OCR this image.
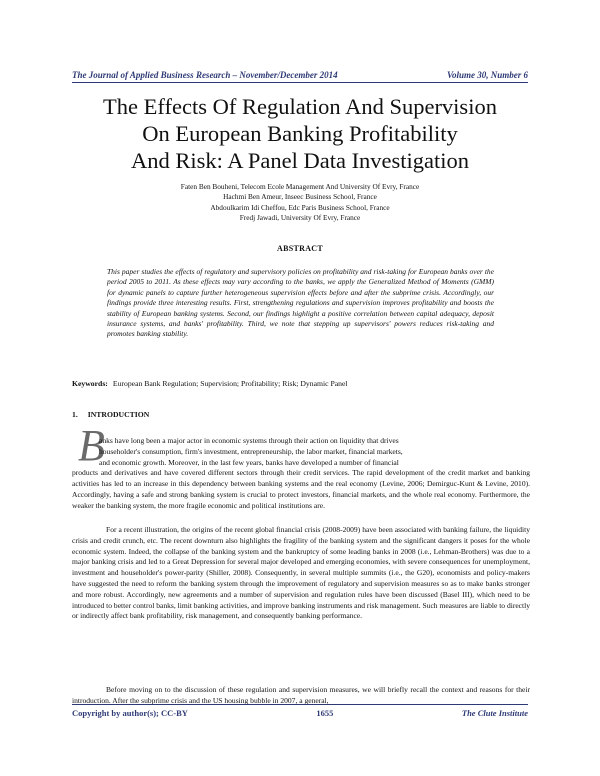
The Journal of Applied Business Research – November/December 2014	Volume 30, Number 6
The Effects Of Regulation And Supervision
On European Banking Profitability
And Risk: A Panel Data Investigation
Faten Ben Bouheni, Telecom Ecole Management And University Of Evry, France
Hachmi Ben Ameur, Inseec Business School, France
Abdoulkarim Idi Cheffou, Edc Paris Business School, France
Fredj Jawadi, University Of Evry, France
ABSTRACT
This paper studies the effects of regulatory and supervisory policies on profitability and risk-taking for European banks over the period 2005 to 2011. As these effects may vary according to the banks, we apply the Generalized Method of Moments (GMM) for dynamic panels to capture further heterogeneous supervision effects before and after the subprime crisis. Accordingly, our findings provide three interesting results. First, strengthening regulations and supervision improves profitability and boosts the stability of European banking systems. Second, our findings highlight a positive correlation between capital adequacy, deposit insurance systems, and banks' profitability. Third, we note that stepping up supervisors' powers reduces risk-taking and promotes banking stability.
Keywords: European Bank Regulation; Supervision; Profitability; Risk; Dynamic Panel
1. INTRODUCTION
B
anks have long been a major actor in economic systems through their action on liquidity that drives
householder's consumption, firm's investment, entrepreneurship, the labor market, financial markets,
and economic growth. Moreover, in the last few years, banks have developed a number of financial
products and derivatives and have covered different sectors through their credit services. The rapid development of the credit market and banking activities has led to an increase in this dependency between banking systems and the real economy (Levine, 2006; Demirguc-Kunt & Levine, 2010). Accordingly, having a safe and strong banking system is crucial to protect investors, financial markets, and the whole real economy. Furthermore, the weaker the banking system, the more fragile economic and political institutions are.
For a recent illustration, the origins of the recent global financial crisis (2008-2009) have been associated with banking failure, the liquidity crisis and credit crunch, etc. The recent downturn also highlights the fragility of the banking system and the significant dangers it poses for the whole economic system. Indeed, the collapse of the banking system and the bankruptcy of some leading banks in 2008 (i.e., Lehman-Brothers) was due to a major banking crisis and led to a Great Depression for several major developed and emerging economies, with severe consequences for unemployment, investment and householder's power-parity (Shiller, 2008). Consequently, in several multiple summits (i.e., the G20), economists and policy-makers have suggested the need to reform the banking system through the improvement of regulatory and supervision measures so as to make banks stronger and more robust. Accordingly, new agreements and a number of supervision and regulation rules have been discussed (Basel III), which need to be introduced to better control banks, limit banking activities, and improve banking instruments and risk management. Such measures are liable to directly or indirectly affect bank profitability, risk management, and consequently banking performance.
Before moving on to the discussion of these regulation and supervision measures, we will briefly recall the context and reasons for their introduction. After the subprime crisis and the US housing bubble in 2007, a general,
Copyright by author(s); CC-BY	1655	The Clute Institute
